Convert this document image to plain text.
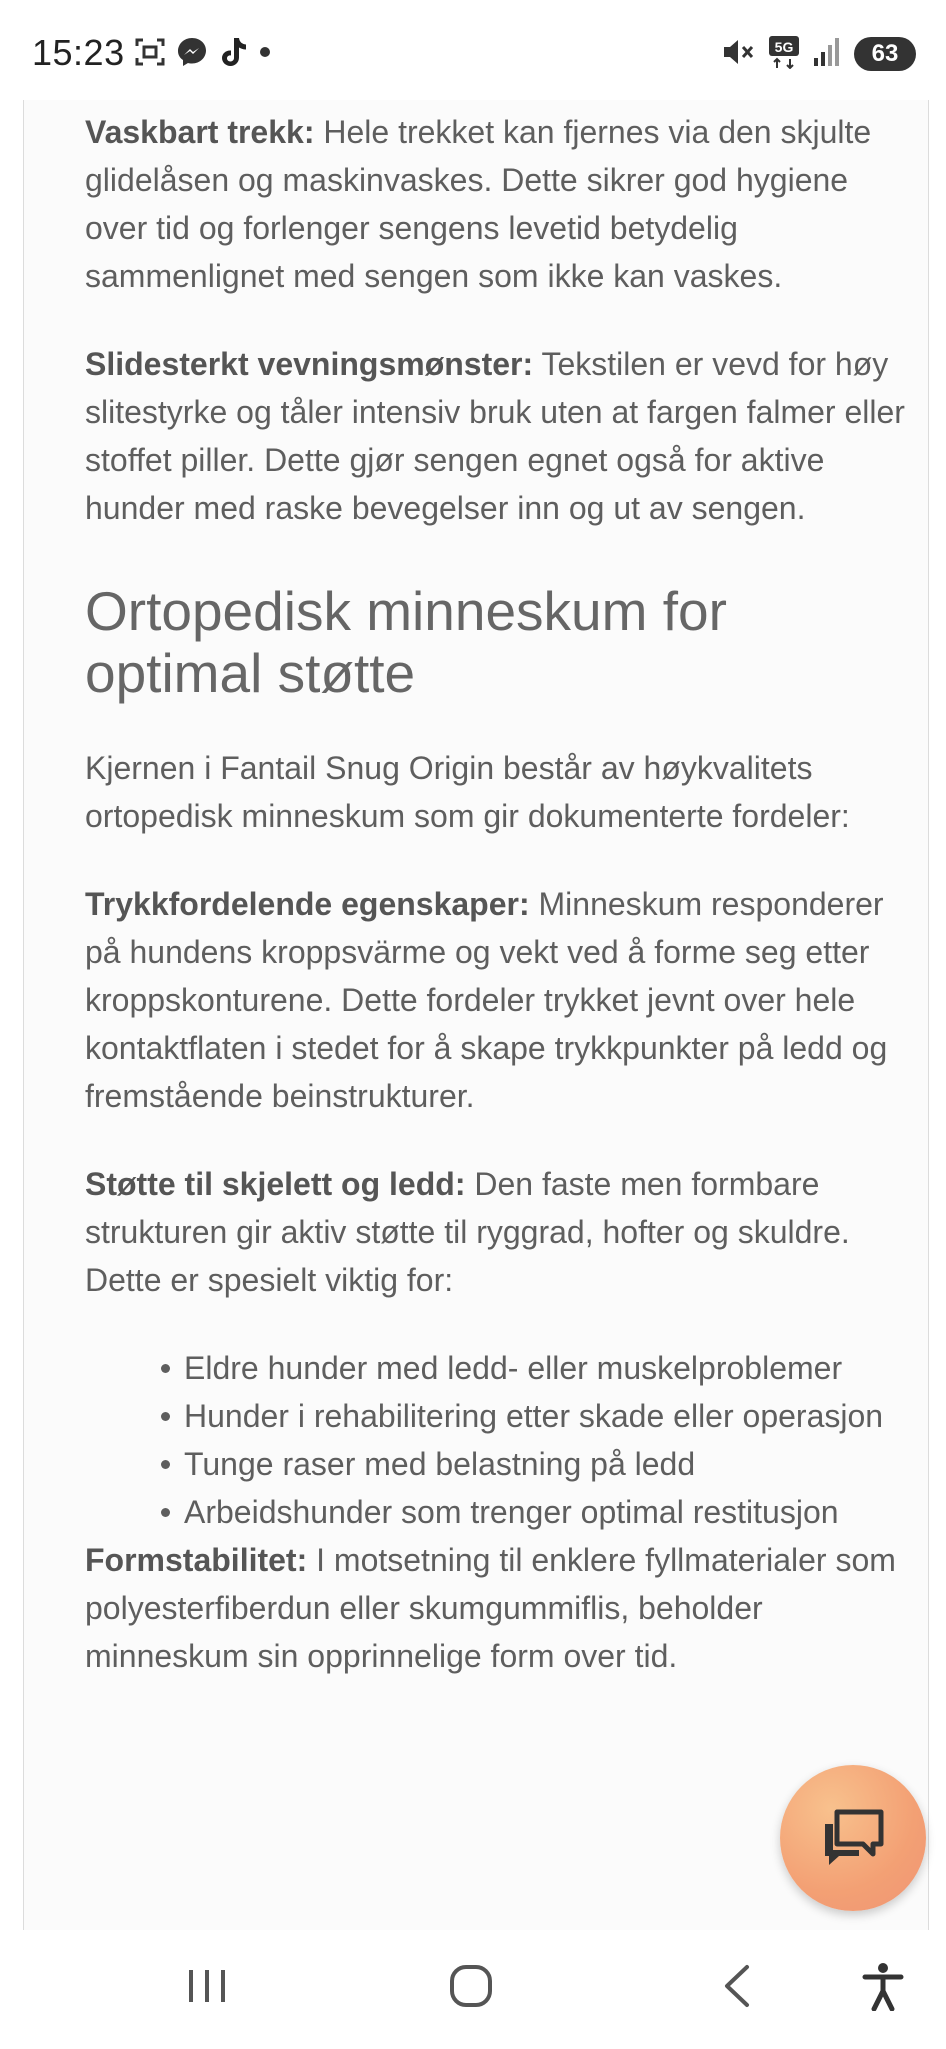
15:23	5G	63

Vaskbart trekk: Hele trekket kan fjernes via den skjulte glidelåsen og maskinvaskes. Dette sikrer god hygiene over tid og forlenger sengens levetid betydelig sammenlignet med sengen som ikke kan vaskes.

Slidesterkt vevningsmønster: Tekstilen er vevd for høy slitestyrke og tåler intensiv bruk uten at fargen falmer eller stoffet piller. Dette gjør sengen egnet også for aktive hunder med raske bevegelser inn og ut av sengen.

Ortopedisk minneskum for optimal støtte

Kjernen i Fantail Snug Origin består av høykvalitets ortopedisk minneskum som gir dokumenterte fordeler:

Trykkfordelende egenskaper: Minneskum responderer på hundens kroppsvärme og vekt ved å forme seg etter kroppskonturene. Dette fordeler trykket jevnt over hele kontaktflaten i stedet for å skape trykkpunkter på ledd og fremstående beinstrukturer.

Støtte til skjelett og ledd: Den faste men formbare strukturen gir aktiv støtte til ryggrad, hofter og skuldre. Dette er spesielt viktig for:

Eldre hunder med ledd- eller muskelproblemer
Hunder i rehabilitering etter skade eller operasjon
Tunge raser med belastning på ledd
Arbeidshunder som trenger optimal restitusjon

Formstabilitet: I motsetning til enklere fyllmaterialer som polyesterfiberdun eller skumgummiflis, beholder minneskum sin opprinnelige form over tid.
